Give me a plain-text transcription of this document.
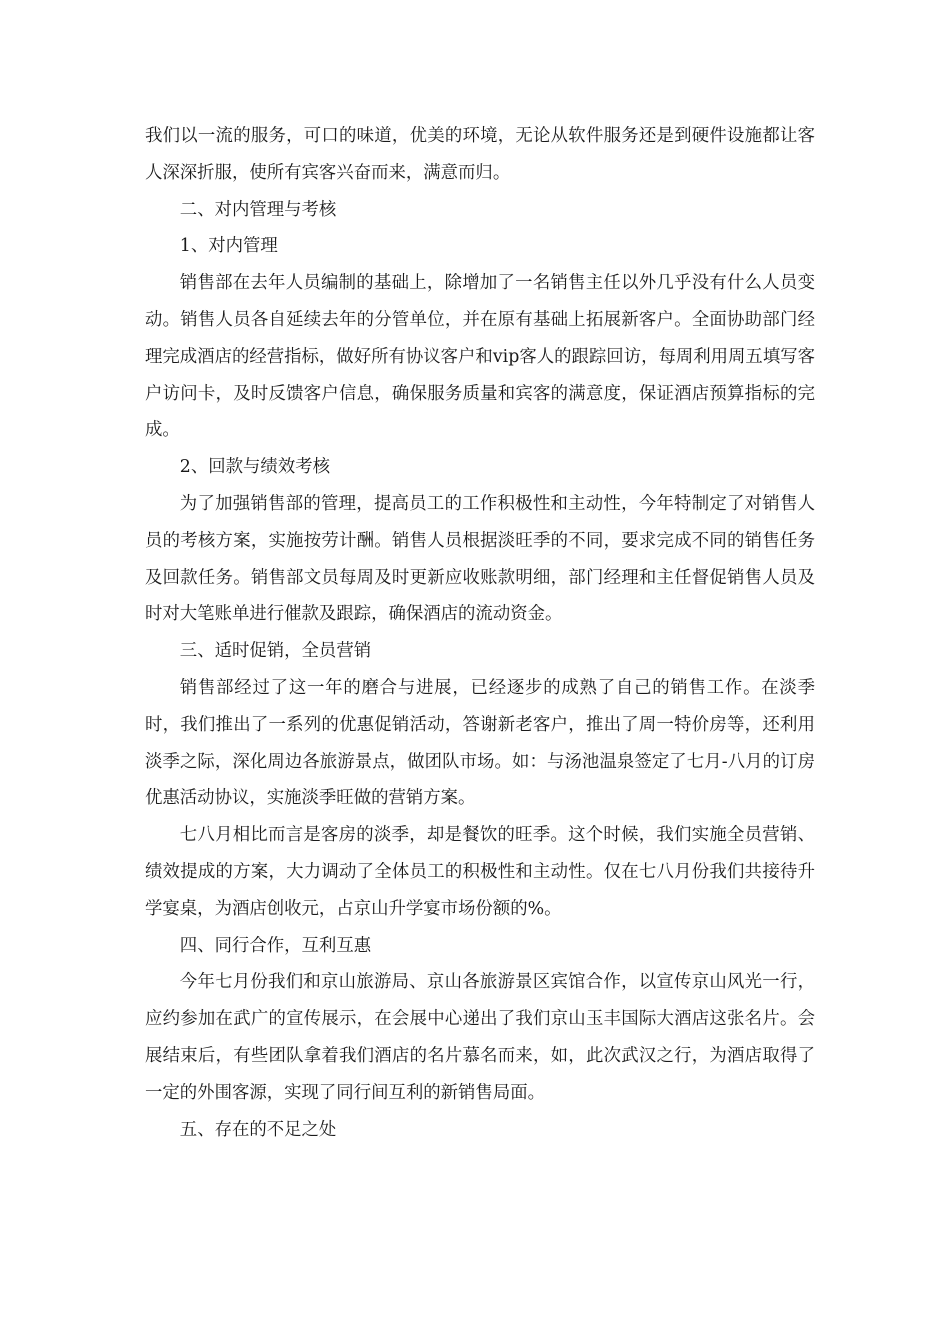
我们以一流的服务，可口的味道，优美的环境，无论从软件服务还是到硬件设施都让客人深深折服，使所有宾客兴奋而来，满意而归。

二、对内管理与考核

1、对内管理

销售部在去年人员编制的基础上，除增加了一名销售主任以外几乎没有什么人员变动。销售人员各自延续去年的分管单位，并在原有基础上拓展新客户。全面协助部门经理完成酒店的经营指标，做好所有协议客户和vip客人的跟踪回访，每周利用周五填写客户访问卡，及时反馈客户信息，确保服务质量和宾客的满意度，保证酒店预算指标的完成。

2、回款与绩效考核

为了加强销售部的管理，提高员工的工作积极性和主动性，今年特制定了对销售人员的考核方案，实施按劳计酬。销售人员根据淡旺季的不同，要求完成不同的销售任务及回款任务。销售部文员每周及时更新应收账款明细，部门经理和主任督促销售人员及时对大笔账单进行催款及跟踪，确保酒店的流动资金。

三、适时促销，全员营销

销售部经过了这一年的磨合与进展，已经逐步的成熟了自己的销售工作。在淡季时，我们推出了一系列的优惠促销活动，答谢新老客户，推出了周一特价房等，还利用淡季之际，深化周边各旅游景点，做团队市场。如：与汤池温泉签定了七月-八月的订房优惠活动协议，实施淡季旺做的营销方案。

七八月相比而言是客房的淡季，却是餐饮的旺季。这个时候，我们实施全员营销、绩效提成的方案，大力调动了全体员工的积极性和主动性。仅在七八月份我们共接待升学宴桌，为酒店创收元，占京山升学宴市场份额的%。

四、同行合作，互利互惠

今年七月份我们和京山旅游局、京山各旅游景区宾馆合作，以宣传京山风光一行，应约参加在武广的宣传展示，在会展中心递出了我们京山玉丰国际大酒店这张名片。会展结束后，有些团队拿着我们酒店的名片慕名而来，如，此次武汉之行，为酒店取得了一定的外围客源，实现了同行间互利的新销售局面。

五、存在的不足之处
